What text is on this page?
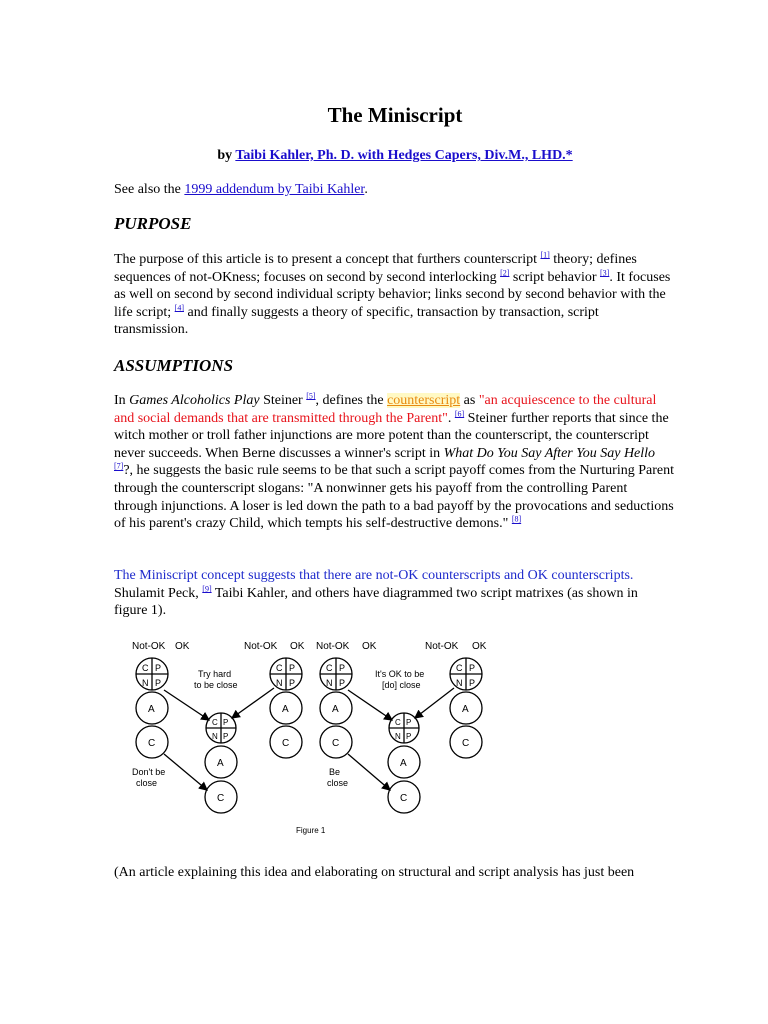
The Miniscript
by Taibi Kahler, Ph. D. with Hedges Capers, Div.M., LHD.*
See also the 1999 addendum by Taibi Kahler.
PURPOSE
The purpose of this article is to present a concept that furthers counterscript [1] theory; defines sequences of not-OKness; focuses on second by second interlocking [2] script behavior [3]. It focuses as well on second by second individual scripty behavior; links second by second behavior with the life script; [4] and finally suggests a theory of specific, transaction by transaction, script transmission.
ASSUMPTIONS
In Games Alcoholics Play Steiner [5], defines the counterscript as "an acquiescence to the cultural and social demands that are transmitted through the Parent". [6] Steiner further reports that since the witch mother or troll father injunctions are more potent than the counterscript, the counterscript never succeeds. When Berne discusses a winner's script in What Do You Say After You Say Hello [7]?, he suggests the basic rule seems to be that such a script payoff comes from the Nurturing Parent through the counterscript slogans: "A nonwinner gets his payoff from the controlling Parent through injunctions. A loser is led down the path to a bad payoff by the provocations and seductions of his parent's crazy Child, which tempts his self-destructive demons." [8]
The Miniscript concept suggests that there are not-OK counterscripts and OK counterscripts. Shulamit Peck, [9] Taibi Kahler, and others have diagrammed two script matrixes (as shown in figure 1).
Not-OK OK	Not-OK OK Not-OK OK	Not-OK OK
C P
N P
A
C
C P
N P
A
C
C P
N P
A
C
Try hard
to be close
Don't be
close
C P
N P
A
C
C P
N P
A
C
C P
N P
A
C
It's OK to be
[do] close
Be
close
Figure 1
(An article explaining this idea and elaborating on structural and script analysis has just been
